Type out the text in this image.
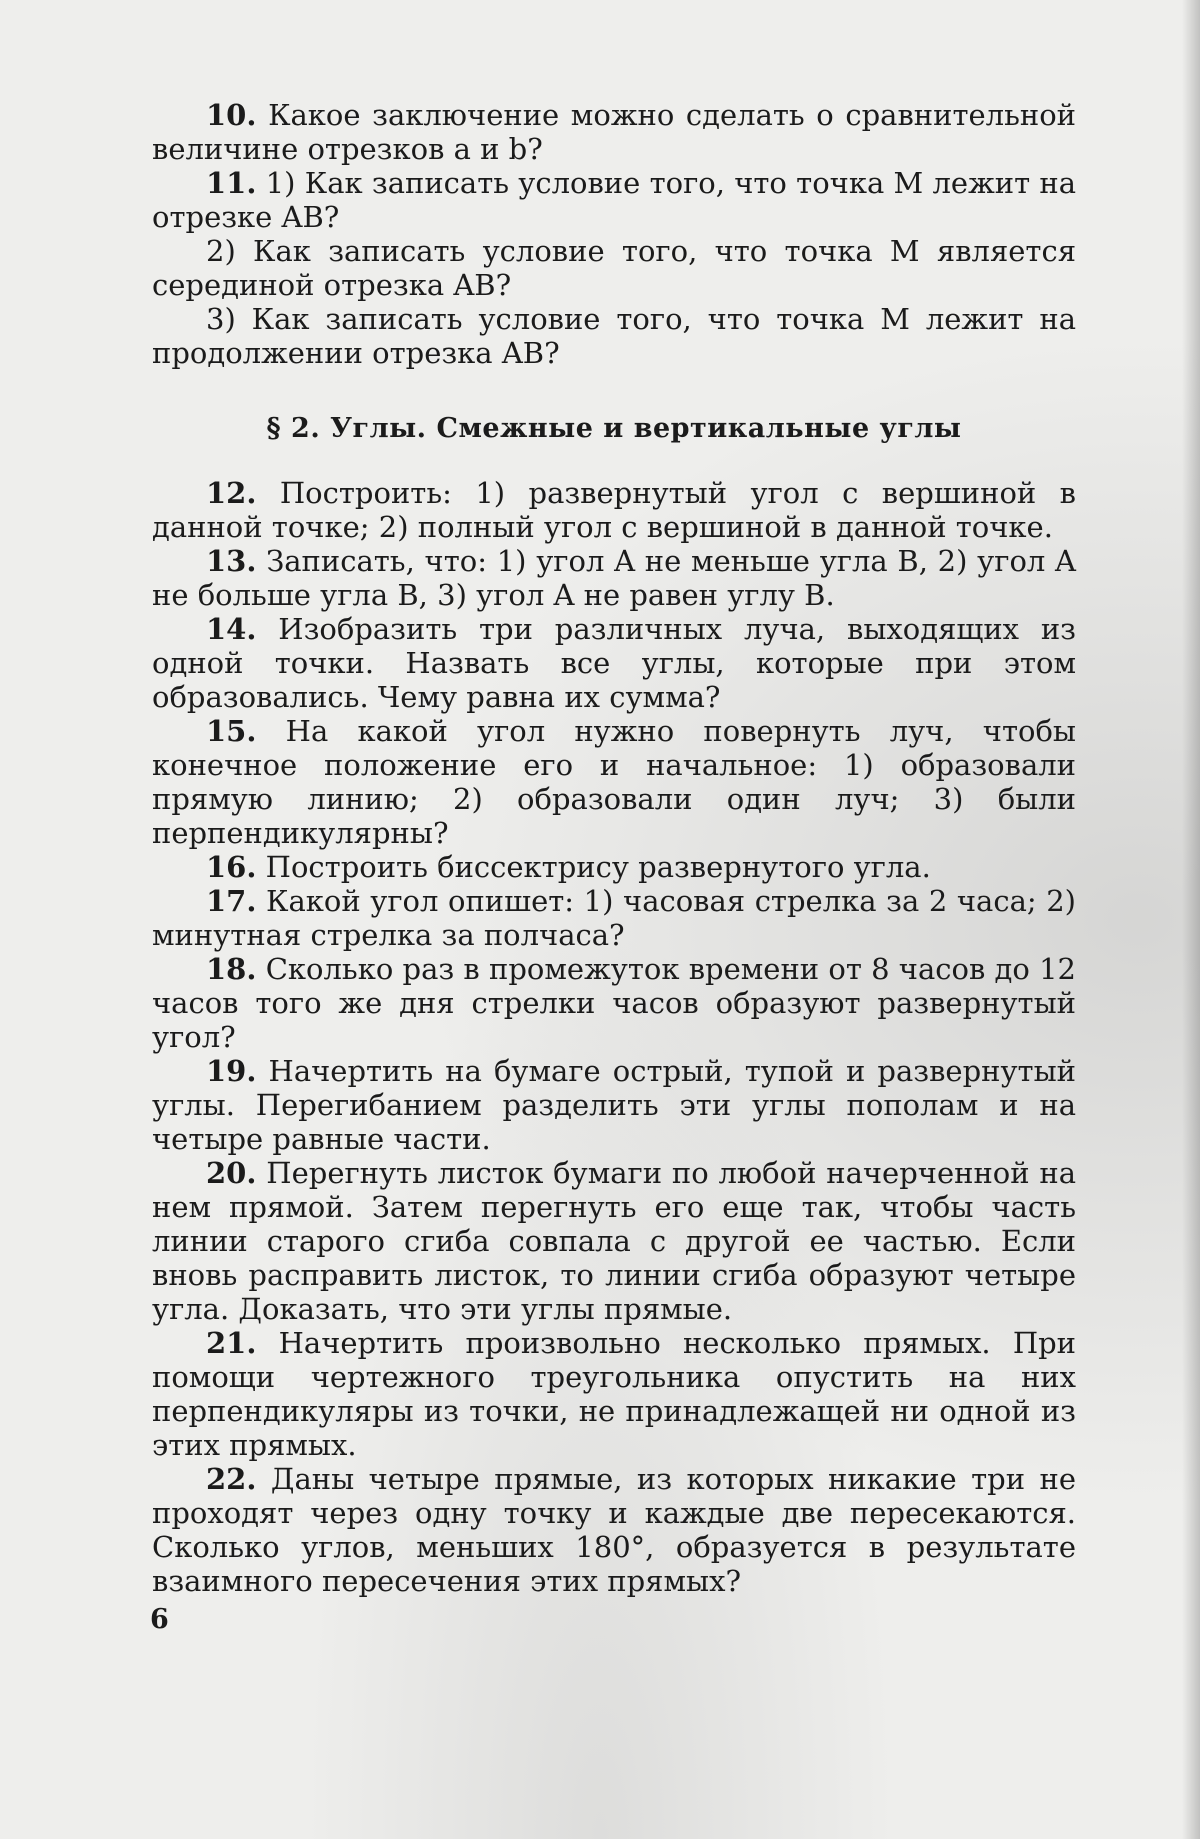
10. Какое заключение можно сделать о сравнительной величине отрезков a и b?

11. 1) Как записать условие того, что точка M лежит на отрезке AB?

2) Как записать условие того, что точка M является серединой отрезка AB?

3) Как записать условие того, что точка M лежит на продолжении отрезка AB?

§ 2. Углы. Смежные и вертикальные углы

12. Построить: 1) развернутый угол с вершиной в данной точке; 2) полный угол с вершиной в данной точке.

13. Записать, что: 1) угол A не меньше угла B, 2) угол A не больше угла B, 3) угол A не равен углу B.

14. Изобразить три различных луча, выходящих из одной точки. Назвать все углы, которые при этом образовались. Чему равна их сумма?

15. На какой угол нужно повернуть луч, чтобы конечное положение его и начальное: 1) образовали прямую линию; 2) образовали один луч; 3) были перпендикулярны?

16. Построить биссектрису развернутого угла.

17. Какой угол опишет: 1) часовая стрелка за 2 часа; 2) минутная стрелка за полчаса?

18. Сколько раз в промежуток времени от 8 часов до 12 часов того же дня стрелки часов образуют развернутый угол?

19. Начертить на бумаге острый, тупой и развернутый углы. Перегибанием разделить эти углы пополам и на четыре равные части.

20. Перегнуть листок бумаги по любой начерченной на нем прямой. Затем перегнуть его еще так, чтобы часть линии старого сгиба совпала с другой ее частью. Если вновь расправить листок, то линии сгиба образуют четыре угла. Доказать, что эти углы прямые.

21. Начертить произвольно несколько прямых. При помощи чертежного треугольника опустить на них перпендикуляры из точки, не принадлежащей ни одной из этих прямых.

22. Даны четыре прямые, из которых никакие три не проходят через одну точку и каждые две пересекаются. Сколько углов, меньших 180°, образуется в результате взаимного пересечения этих прямых?

6
